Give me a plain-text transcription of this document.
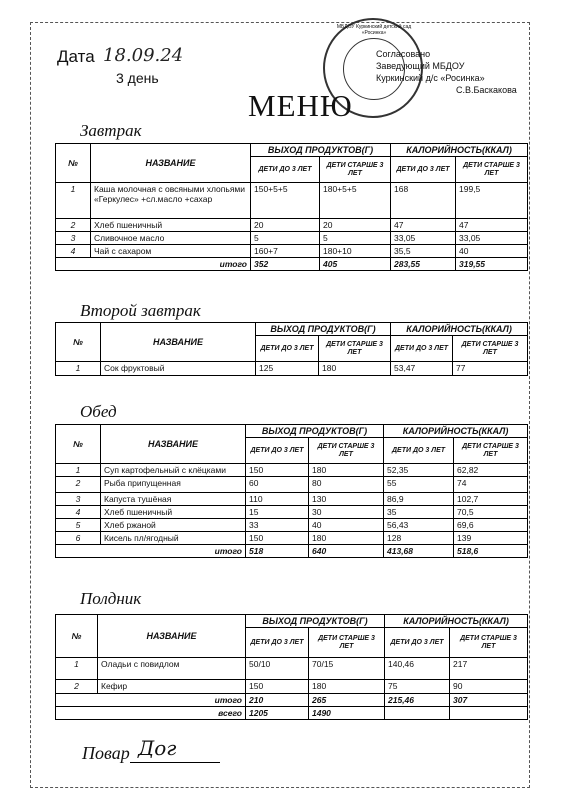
Дата 18.09.24
3 день
МБДОУ Куркинский детский сад «Росинка»
Согласовано
Заведующий МБДОУ
Куркинский д/с «Росинка»
С.В.Баскакова
МЕНЮ
Завтрак
№	НАЗВАНИЕ	ВЫХОД ПРОДУКТОВ(Г)		КАЛОРИЙНОСТЬ(ККАЛ)	
		ДЕТИ ДО 3 ЛЕТ	ДЕТИ СТАРШЕ 3 ЛЕТ	ДЕТИ ДО 3 ЛЕТ	ДЕТИ СТАРШЕ 3 ЛЕТ
1	Каша молочная с овсяными хлопьями «Геркулес» +сл.масло +сахар	150+5+5	180+5+5	168	199,5
2	Хлеб пшеничный	20	20	47	47
3	Сливочное масло	5	5	33,05	33,05
4	Чай с сахаром	160+7	180+10	35,5	40
итого		352	405	283,55	319,55
Второй завтрак
№	НАЗВАНИЕ	ВЫХОД ПРОДУКТОВ(Г)		КАЛОРИЙНОСТЬ(ККАЛ)	
		ДЕТИ ДО 3 ЛЕТ	ДЕТИ СТАРШЕ 3 ЛЕТ	ДЕТИ ДО 3 ЛЕТ	ДЕТИ СТАРШЕ 3 ЛЕТ
1	Сок фруктовый	125	180	53,47	77
Обед
№	НАЗВАНИЕ	ВЫХОД ПРОДУКТОВ(Г)		КАЛОРИЙНОСТЬ(ККАЛ)	
		ДЕТИ ДО 3 ЛЕТ	ДЕТИ СТАРШЕ 3 ЛЕТ	ДЕТИ ДО 3 ЛЕТ	ДЕТИ СТАРШЕ 3 ЛЕТ
1	Суп картофельный с клёцками	150	180	52,35	62,82
2	Рыба припущенная	60	80	55	74
3	Капуста тушёная	110	130	86,9	102,7
4	Хлеб пшеничный	15	30	35	70,5
5	Хлеб ржаной	33	40	56,43	69,6
6	Кисель пл/ягодный	150	180	128	139
итого		518	640	413,68	518,6
Полдник
№	НАЗВАНИЕ	ВЫХОД ПРОДУКТОВ(Г)		КАЛОРИЙНОСТЬ(ККАЛ)	
		ДЕТИ ДО 3 ЛЕТ	ДЕТИ СТАРШЕ 3 ЛЕТ	ДЕТИ ДО 3 ЛЕТ	ДЕТИ СТАРШЕ 3 ЛЕТ
1	Оладьи с повидлом	50/10	70/15	140,46	217
2	Кефир	150	180	75	90
итого		210	265	215,46	307
всего		1205	1490		
Повар Дог
